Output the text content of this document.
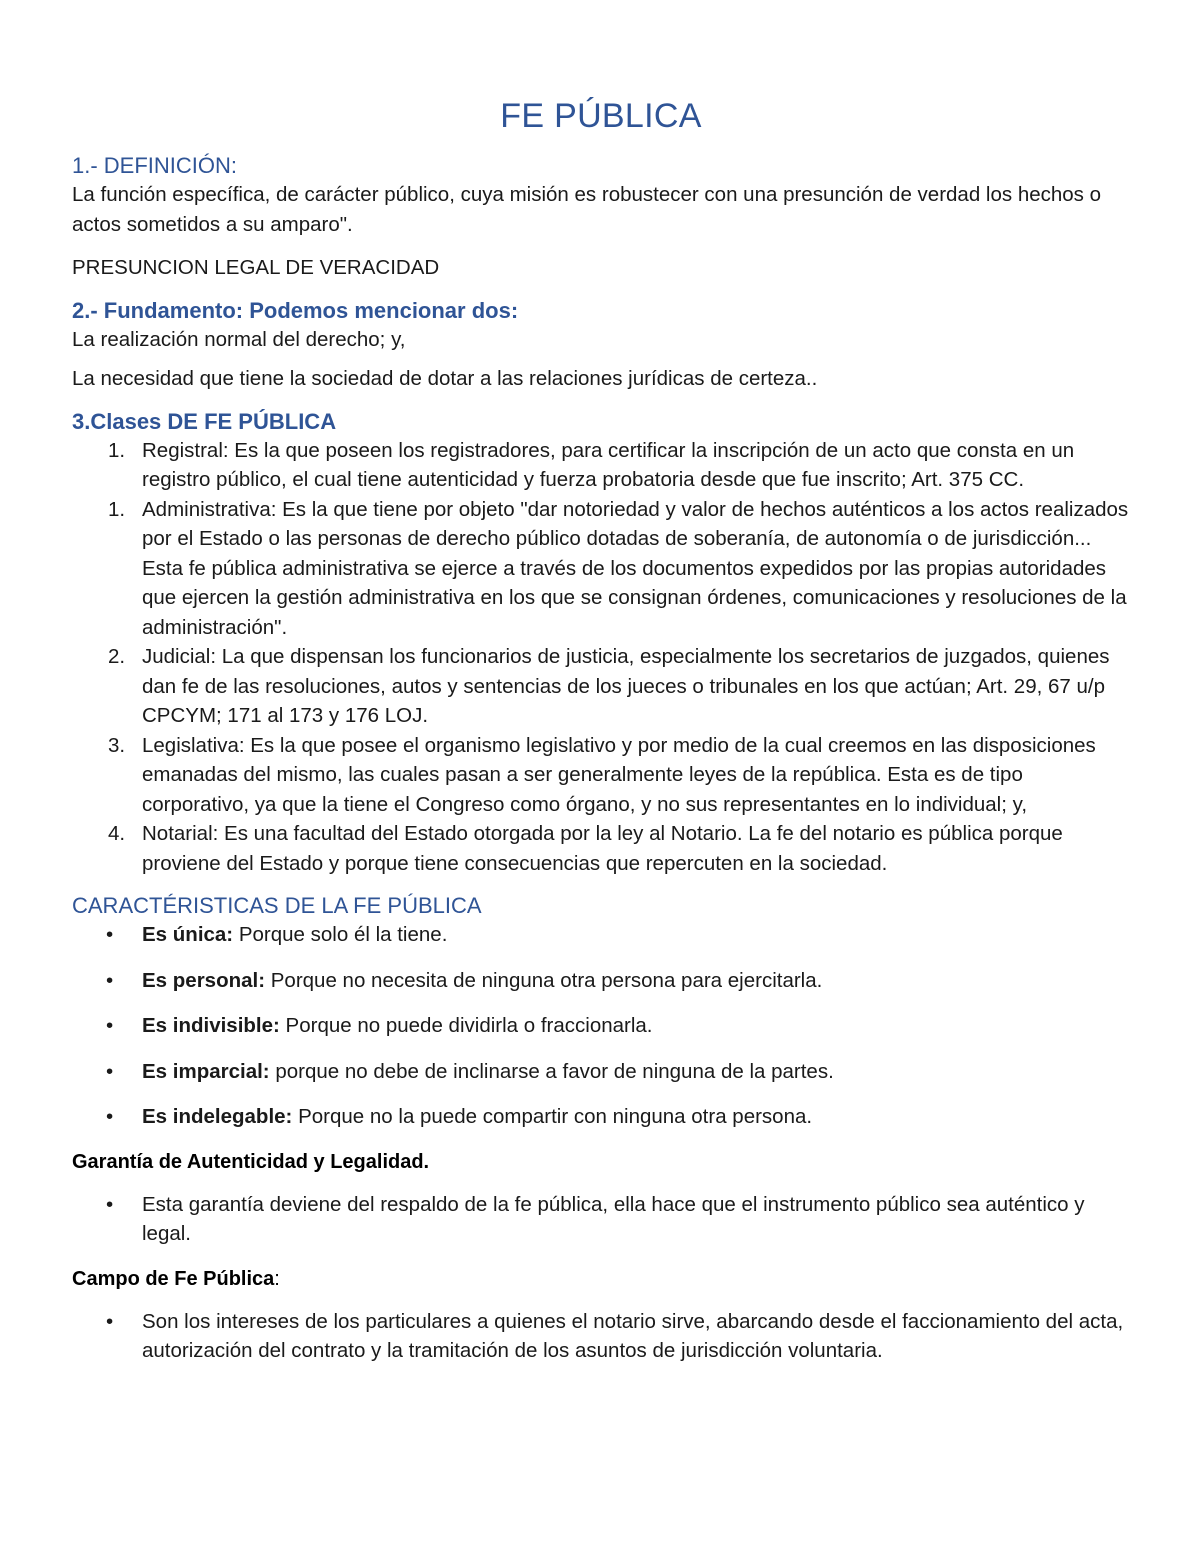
FE PÚBLICA
1.- DEFINICIÓN:

La función específica, de carácter público, cuya misión es robustecer con una presunción de verdad los hechos o actos sometidos a su amparo".

PRESUNCION LEGAL DE VERACIDAD

2.- Fundamento: Podemos mencionar dos:

La realización normal del derecho; y,

La necesidad que tiene la sociedad de dotar a las relaciones jurídicas de certeza..

3.Clases DE FE PÚBLICA
1. Registral: Es la que poseen los registradores, para certificar la inscripción de un acto que consta en un registro público, el cual tiene autenticidad y fuerza probatoria desde que fue inscrito; Art. 375 CC.
1. Administrativa: Es la que tiene por objeto "dar notoriedad y valor de hechos auténticos a los actos realizados por el Estado o las personas de derecho público dotadas de soberanía, de autonomía o de jurisdicción... Esta fe pública administrativa se ejerce a través de los documentos expedidos por las propias autoridades que ejercen la gestión administrativa en los que se consignan órdenes, comunicaciones y resoluciones de la administración".
2. Judicial: La que dispensan los funcionarios de justicia, especialmente los secretarios de juzgados, quienes dan fe de las resoluciones, autos y sentencias de los jueces o tribunales en los que actúan; Art. 29, 67 u/p CPCYM; 171 al 173 y 176 LOJ.
3. Legislativa: Es la que posee el organismo legislativo y por medio de la cual creemos en las disposiciones emanadas del mismo, las cuales pasan a ser generalmente leyes de la república. Esta es de tipo corporativo, ya que la tiene el Congreso como órgano, y no sus representantes en lo individual; y,
4. Notarial: Es una facultad del Estado otorgada por la ley al Notario. La fe del notario es pública porque proviene del Estado y porque tiene consecuencias que repercuten en la sociedad.
CARACTÉRISTICAS DE LA FE PÚBLICA
• Es única: Porque solo él la tiene.
• Es personal: Porque no necesita de ninguna otra persona para ejercitarla.
• Es indivisible: Porque no puede dividirla o fraccionarla.
• Es imparcial: porque no debe de inclinarse a favor de ninguna de la partes.
• Es indelegable: Porque no la puede compartir con ninguna otra persona.
Garantía de Autenticidad y Legalidad.
• Esta garantía deviene del respaldo de la fe pública, ella hace que el instrumento público sea auténtico y legal.
Campo de Fe Pública:
• Son los intereses de los particulares a quienes el notario sirve, abarcando desde el faccionamiento del acta, autorización del contrato y la tramitación de los asuntos de jurisdicción voluntaria.
